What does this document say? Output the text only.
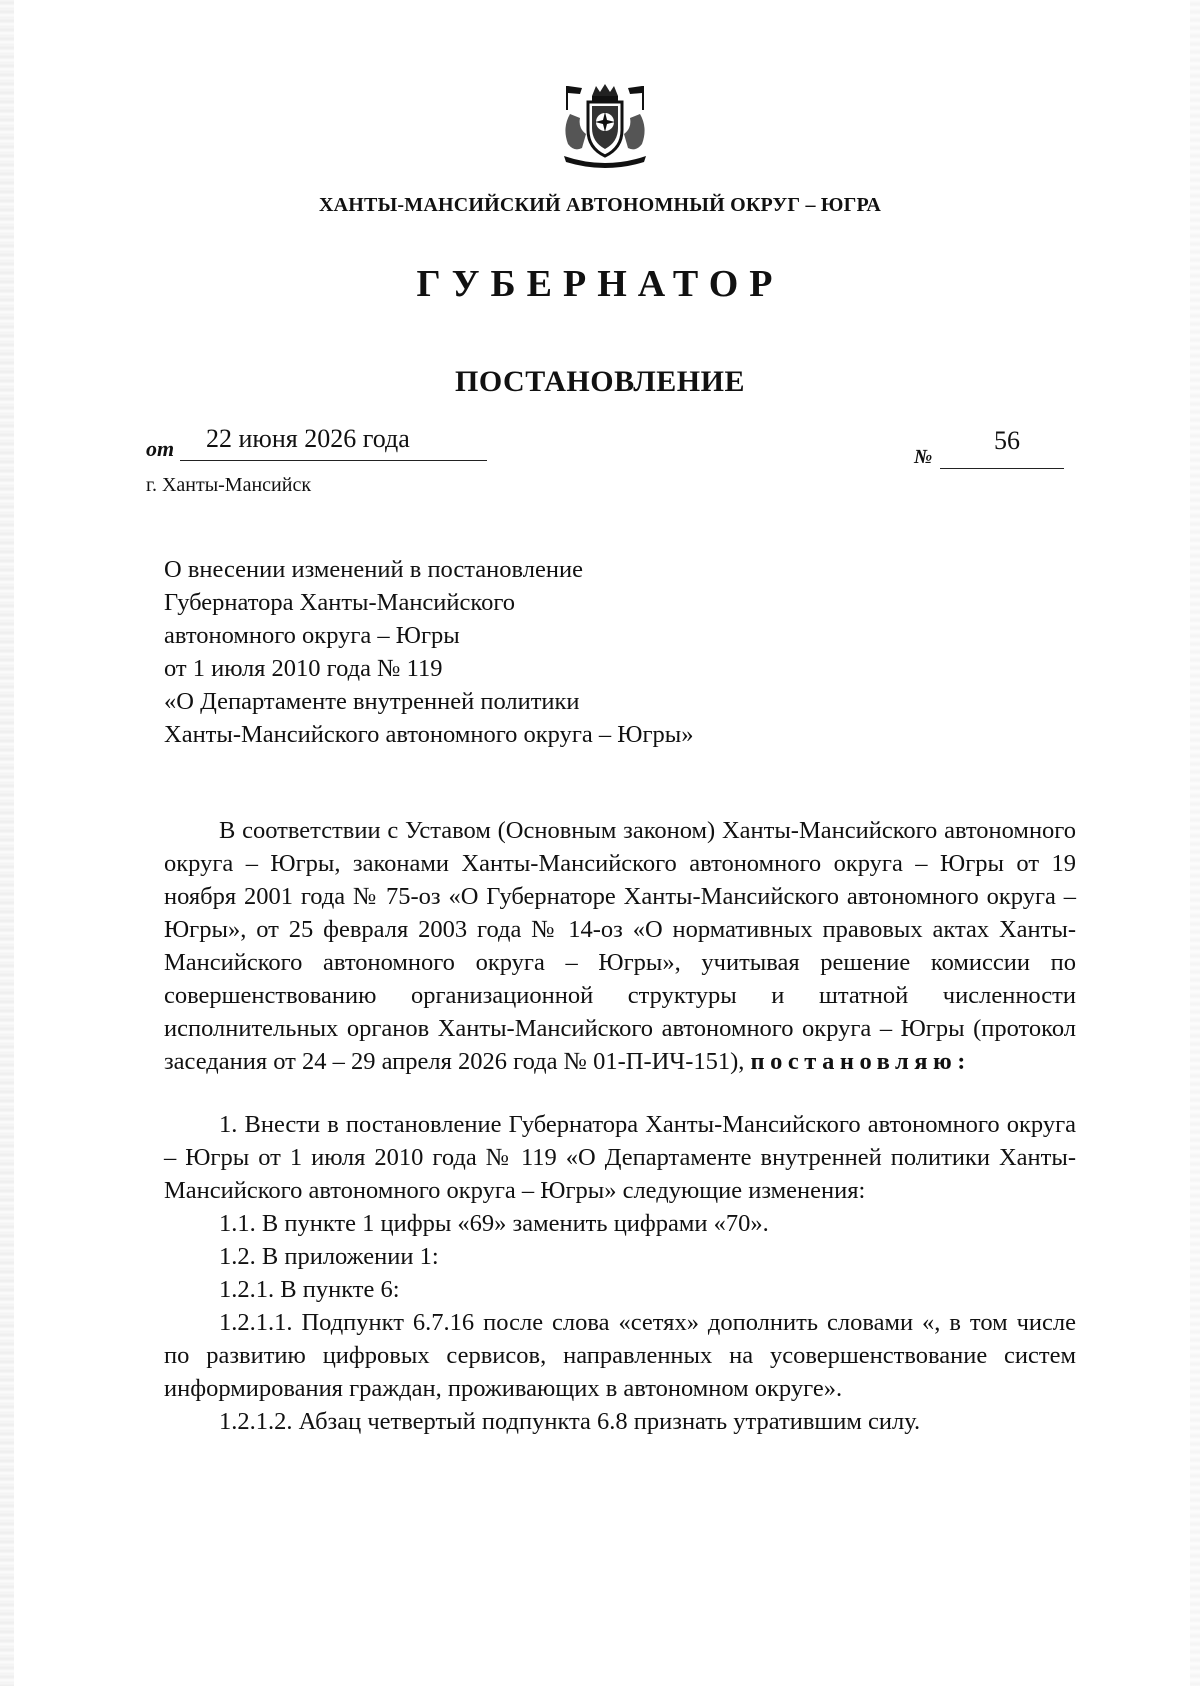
ХАНТЫ-МАНСИЙСКИЙ АВТОНОМНЫЙ ОКРУГ – ЮГРА
ГУБЕРНАТОР
ПОСТАНОВЛЕНИЕ
от 22 июня 2026 года
№
56
г. Ханты-Мансийск
О внесении изменений в постановление
Губернатора Ханты-Мансийского
автономного округа – Югры
от 1 июля 2010 года № 119
«О Департаменте внутренней политики
Ханты-Мансийского автономного округа – Югры»

В соответствии с Уставом (Основным законом) Ханты-Мансийского автономного округа – Югры, законами Ханты-Мансийского автономного округа – Югры от 19 ноября 2001 года № 75-оз «О Губернаторе Ханты-Мансийского автономного округа – Югры», от 25 февраля 2003 года № 14-оз «О нормативных правовых актах Ханты-Мансийского автономного округа – Югры», учитывая решение комиссии по совершенствованию организационной структуры и штатной численности исполнительных органов Ханты-Мансийского автономного округа – Югры (протокол заседания от 24 – 29 апреля 2026 года № 01-П-ИЧ-151), постановляю:

1. Внести в постановление Губернатора Ханты-Мансийского автономного округа – Югры от 1 июля 2010 года № 119 «О Департаменте внутренней политики Ханты-Мансийского автономного округа – Югры» следующие изменения:

1.1. В пункте 1 цифры «69» заменить цифрами «70».

1.2. В приложении 1:

1.2.1. В пункте 6:

1.2.1.1. Подпункт 6.7.16 после слова «сетях» дополнить словами «, в том числе по развитию цифровых сервисов, направленных на усовершенствование систем информирования граждан, проживающих в автономном округе».

1.2.1.2. Абзац четвертый подпункта 6.8 признать утратившим силу.
